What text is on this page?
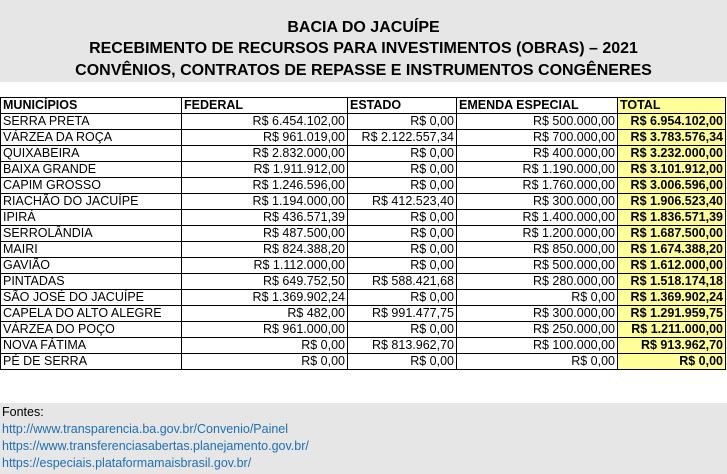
BACIA DO JACUÍPE
RECEBIMENTO DE RECURSOS PARA INVESTIMENTOS (OBRAS) – 2021
CONVÊNIOS, CONTRATOS DE REPASSE E INSTRUMENTOS CONGÊNERES
MUNICÍPIOS	FEDERAL	ESTADO	EMENDA ESPECIAL	TOTAL
SERRA PRETA	R$ 6.454.102,00	R$ 0,00	R$ 500.000,00	R$ 6.954.102,00
VÁRZEA DA ROÇA	R$ 961.019,00	R$ 2.122.557,34	R$ 700.000,00	R$ 3.783.576,34
QUIXABEIRA	R$ 2.832.000,00	R$ 0,00	R$ 400.000,00	R$ 3.232.000,00
BAIXA GRANDE	R$ 1.911.912,00	R$ 0,00	R$ 1.190.000,00	R$ 3.101.912,00
CAPIM GROSSO	R$ 1.246.596,00	R$ 0,00	R$ 1.760.000,00	R$ 3.006.596,00
RIACHÃO DO JACUÍPE	R$ 1.194.000,00	R$ 412.523,40	R$ 300.000,00	R$ 1.906.523,40
IPIRÁ	R$ 436.571,39	R$ 0,00	R$ 1.400.000,00	R$ 1.836.571,39
SERROLÂNDIA	R$ 487.500,00	R$ 0,00	R$ 1.200.000,00	R$ 1.687.500,00
MAIRI	R$ 824.388,20	R$ 0,00	R$ 850.000,00	R$ 1.674.388,20
GAVIÃO	R$ 1.112.000,00	R$ 0,00	R$ 500.000,00	R$ 1.612.000,00
PINTADAS	R$ 649.752,50	R$ 588.421,68	R$ 280.000,00	R$ 1.518.174,18
SÃO JOSÉ DO JACUÍPE	R$ 1.369.902,24	R$ 0,00	R$ 0,00	R$ 1.369.902,24
CAPELA DO ALTO ALEGRE	R$ 482,00	R$ 991.477,75	R$ 300.000,00	R$ 1.291.959,75
VÁRZEA DO POÇO	R$ 961.000,00	R$ 0,00	R$ 250.000,00	R$ 1.211.000,00
NOVA FÁTIMA	R$ 0,00	R$ 813.962,70	R$ 100.000,00	R$ 913.962,70
PÉ DE SERRA	R$ 0,00	R$ 0,00	R$ 0,00	R$ 0,00
Fontes:
http://www.transparencia.ba.gov.br/Convenio/Painel
https://www.transferenciasabertas.planejamento.gov.br/
https://especiais.plataformamaisbrasil.gov.br/
